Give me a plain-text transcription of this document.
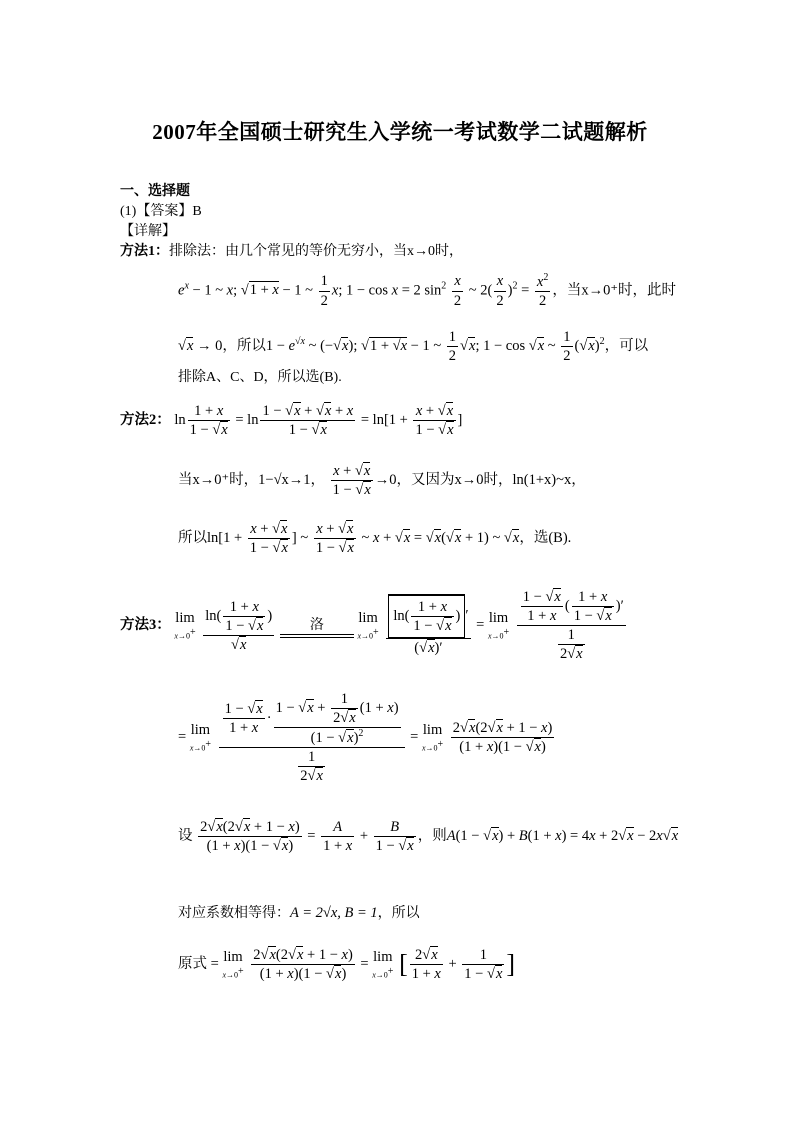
2007年全国硕士研究生入学统一考试数学二试题解析
一、选择题
(1)【答案】B
【详解】
方法1：排除法：由几个常见的等价无穷小，当x→0时，
$e^x - 1$ ~ x; √1 + x − 1 ~ $\frac{1}{2} x$; 1 − cos x = 2 $\sin^2 \frac{x}{2}$ ~ $2( \frac{x}{2} )^2 = \frac{x^2}{2}$ ，当x→0⁺时，此时
√x → 0，所以$1 - e^{√x}$ ~ (−√x); √1 + √x − 1 ~ $\frac{1}{2} √x$; 1 − cos √x ~ $\frac{1}{2} (√x)^2$，可以
排除A、C、D，所以选(B).
方法2： $\ln \frac{1 + x}{1 - √x} = \ln \frac{1 - √x + √x + x}{1 - √x} = \ln[1 + \frac{x + √x}{1 - √x}$ ]
当x→0⁺时，1−√x→1， $\frac{x + √x}{1 - √x} \to 0$，又因为x→0时，ln(1+x)~x，
所以$\ln[1 + \frac{x + √x}{1 - √x}$ ] ~ $\frac{x + √x}{1 - √x}$ ~ x + √x = √x(√x + 1) ~ √x，选(B).
方法3： lim
x→0+
$\frac{\ln( \frac{1 + x}{1 - √x} )}{√x}$
	洛	lim
x→0+
$\frac{\ln( \frac{1 + x}{1 - √x} ) '}{(√x)'} = \lim$
x→0+
$\frac{\frac{1 - √x}{1 + x} ( \frac{1 + x}{1 - √x} )'}{\frac{1}{2√x}}$
= lim
x→0+
$\frac{\frac{1 - √x}{1 + x} \cdot \frac{1 - √x + \frac{1}{2√x} (1 + x)}{(1 - √x)^2}}{\frac{1}{2√x}} = \lim$
x→0+
$\frac{2√x(2√x + 1 - x)}{(1 + x)(1 - √x)}$
设 $\frac{2√x(2√x + 1 - x)}{(1 + x)(1 - √x)} = \frac{A}{1 + x} + \frac{B}{1 - √x}$ ，则A(1 − √x) + B(1 + x) = 4x + 2√x − 2x√x
对应系数相等得：A = 2√x, B = 1，所以
原式 = lim
x→0+
$\frac{2√x(2√x + 1 - x)}{(1 + x)(1 - √x)} = \lim$
x→0+ [ $\frac{2√x}{1 + x} + \frac{1}{1 - √x}$ ]
